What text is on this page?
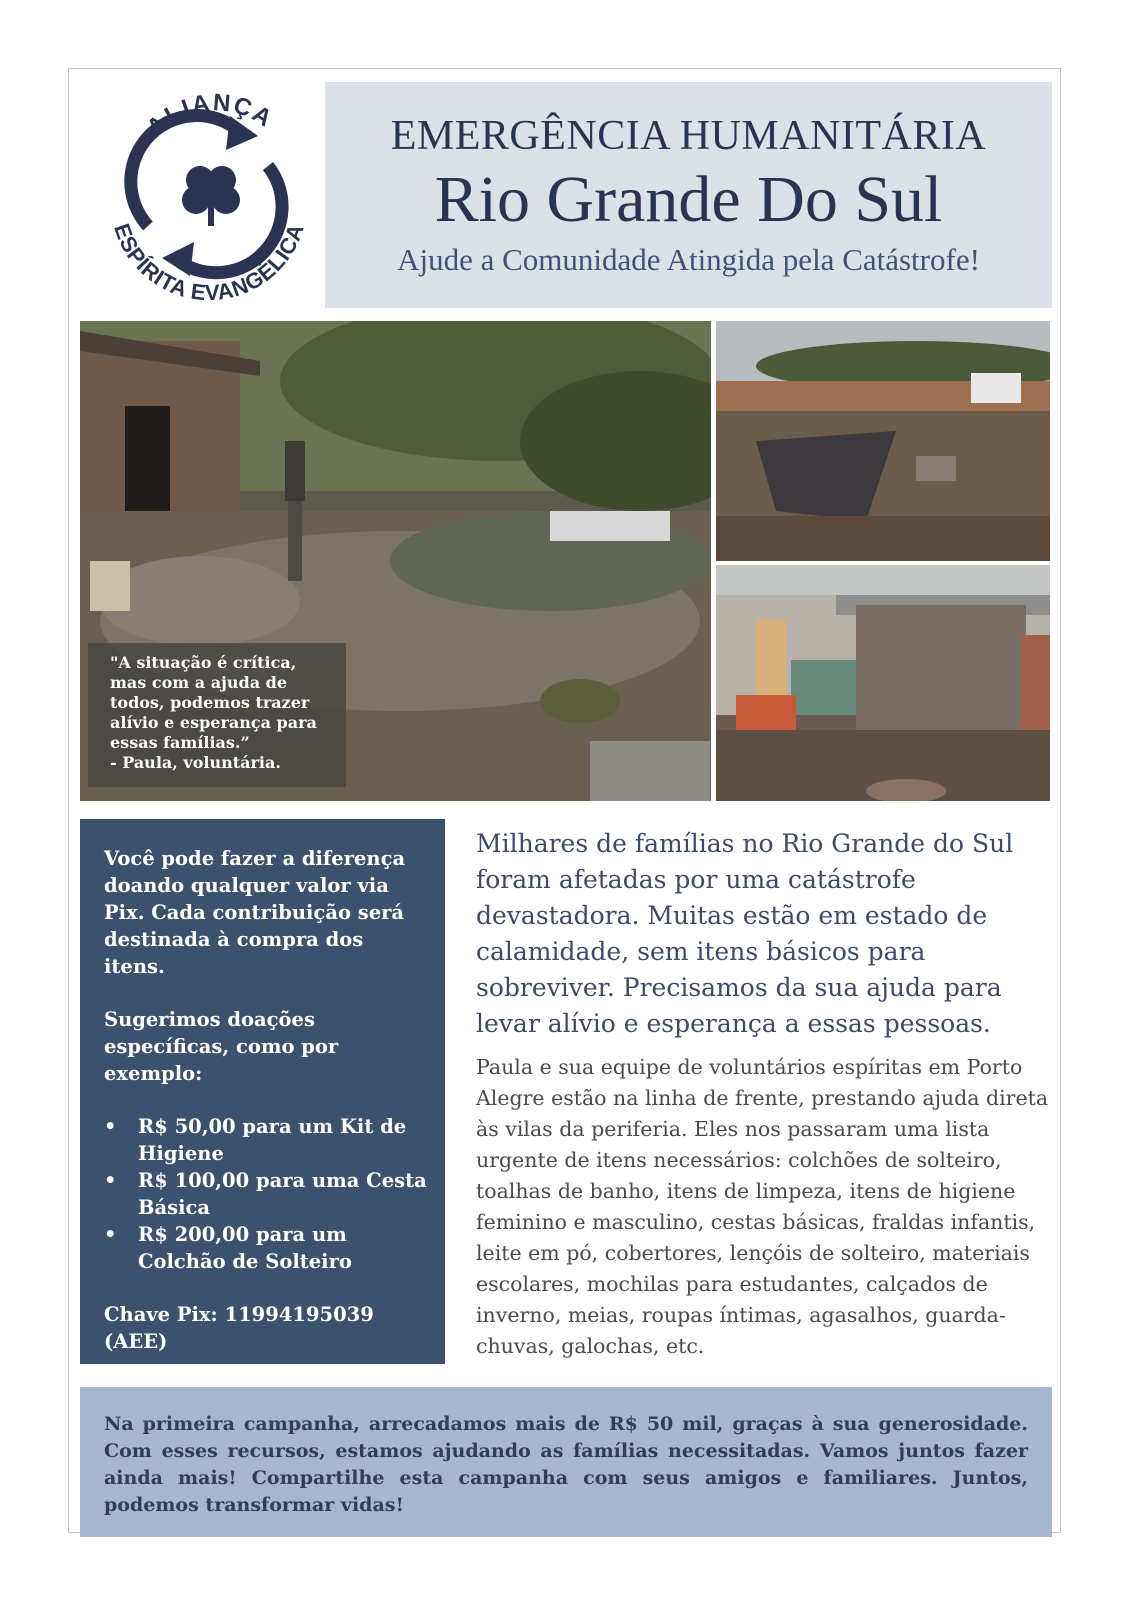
ALIANÇA
ESPÍRITA EVANGÉLICA
EMERGÊNCIA HUMANITÁRIA
Rio Grande Do Sul
Ajude a Comunidade Atingida pela Catástrofe!
"A situação é crítica,
mas com a ajuda de
todos, podemos trazer
alívio e esperança para
essas famílias.”
- Paula, voluntária.

Você pode fazer a diferença doando qualquer valor via Pix. Cada contribuição será destinada à compra dos itens.

Sugerimos doações específicas, como por exemplo:

• R$ 50,00 para um Kit de Higiene
• R$ 100,00 para uma Cesta Básica
• R$ 200,00 para um Colchão de Solteiro
Chave Pix: 11994195039 (AEE)
Milhares de famílias no Rio Grande do Sul foram afetadas por uma catástrofe devastadora. Muitas estão em estado de calamidade, sem itens básicos para sobreviver. Precisamos da sua ajuda para levar alívio e esperança a essas pessoas.
Paula e sua equipe de voluntários espíritas em Porto Alegre estão na linha de frente, prestando ajuda direta às vilas da periferia. Eles nos passaram uma lista urgente de itens necessários: colchões de solteiro, toalhas de banho, itens de limpeza, itens de higiene feminino e masculino, cestas básicas, fraldas infantis, leite em pó, cobertores, lençóis de solteiro, materiais escolares, mochilas para estudantes, calçados de inverno, meias, roupas íntimas, agasalhos, guarda-chuvas, galochas, etc.
Na primeira campanha, arrecadamos mais de R$ 50 mil, graças à sua generosidade. Com esses recursos, estamos ajudando as famílias necessitadas. Vamos juntos fazer ainda mais! Compartilhe esta campanha com seus amigos e familiares. Juntos, podemos transformar vidas!
